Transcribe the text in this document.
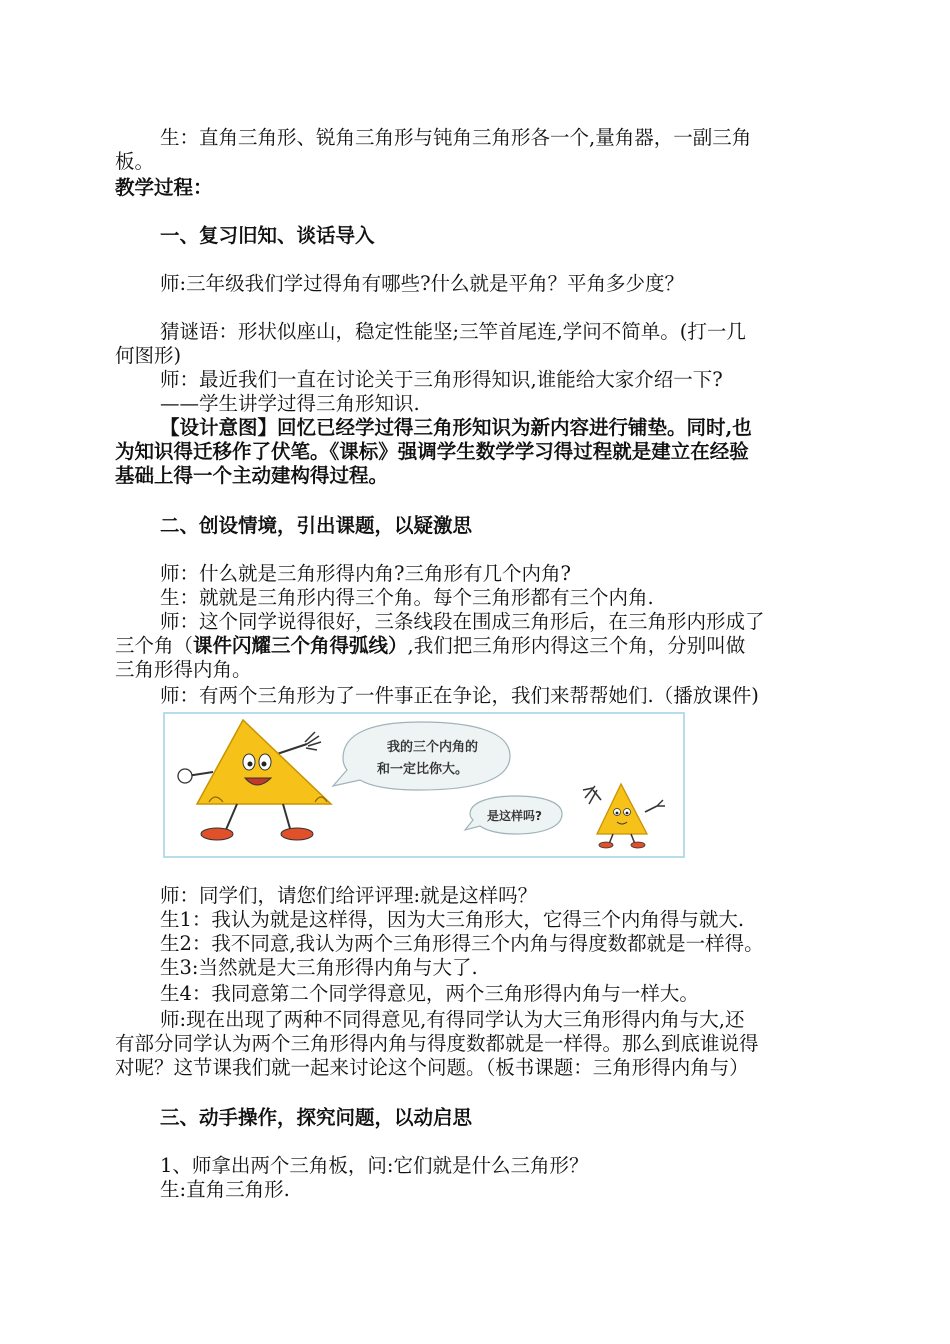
生：直角三角形、锐角三角形与钝角三角形各一个,量角器，一副三角
板。
教学过程：
一、复习旧知、谈话导入
师:三年级我们学过得角有哪些?什么就是平角？平角多少度？
猜谜语：形状似座山，稳定性能坚;三竿首尾连,学问不简单。(打一几
何图形)
师：最近我们一直在讨论关于三角形得知识,谁能给大家介绍一下?
——学生讲学过得三角形知识.
【设计意图】回忆已经学过得三角形知识为新内容进行铺垫。同时,也
为知识得迁移作了伏笔。《课标》强调学生数学学习得过程就是建立在经验
基础上得一个主动建构得过程。
二、创设情境，引出课题，以疑激思
师：什么就是三角形得内角?三角形有几个内角?
生：就就是三角形内得三个角。每个三角形都有三个内角.
师：这个同学说得很好，三条线段在围成三角形后，在三角形内形成了
三个角（课件闪耀三个角得弧线）,我们把三角形内得这三个角，分别叫做
三角形得内角。
师：有两个三角形为了一件事正在争论，我们来帮帮她们.（播放课件)
我的三个内角的
和一定比你大。
是这样吗?
师：同学们，请您们给评评理:就是这样吗？
生1：我认为就是这样得，因为大三角形大，它得三个内角得与就大.
生2：我不同意,我认为两个三角形得三个内角与得度数都就是一样得。
生3:当然就是大三角形得内角与大了.
生4：我同意第二个同学得意见，两个三角形得内角与一样大。
师:现在出现了两种不同得意见,有得同学认为大三角形得内角与大,还
有部分同学认为两个三角形得内角与得度数都就是一样得。那么到底谁说得
对呢？这节课我们就一起来讨论这个问题。（板书课题：三角形得内角与）
三、动手操作，探究问题，以动启思
1、师拿出两个三角板，问:它们就是什么三角形？
生:直角三角形.
